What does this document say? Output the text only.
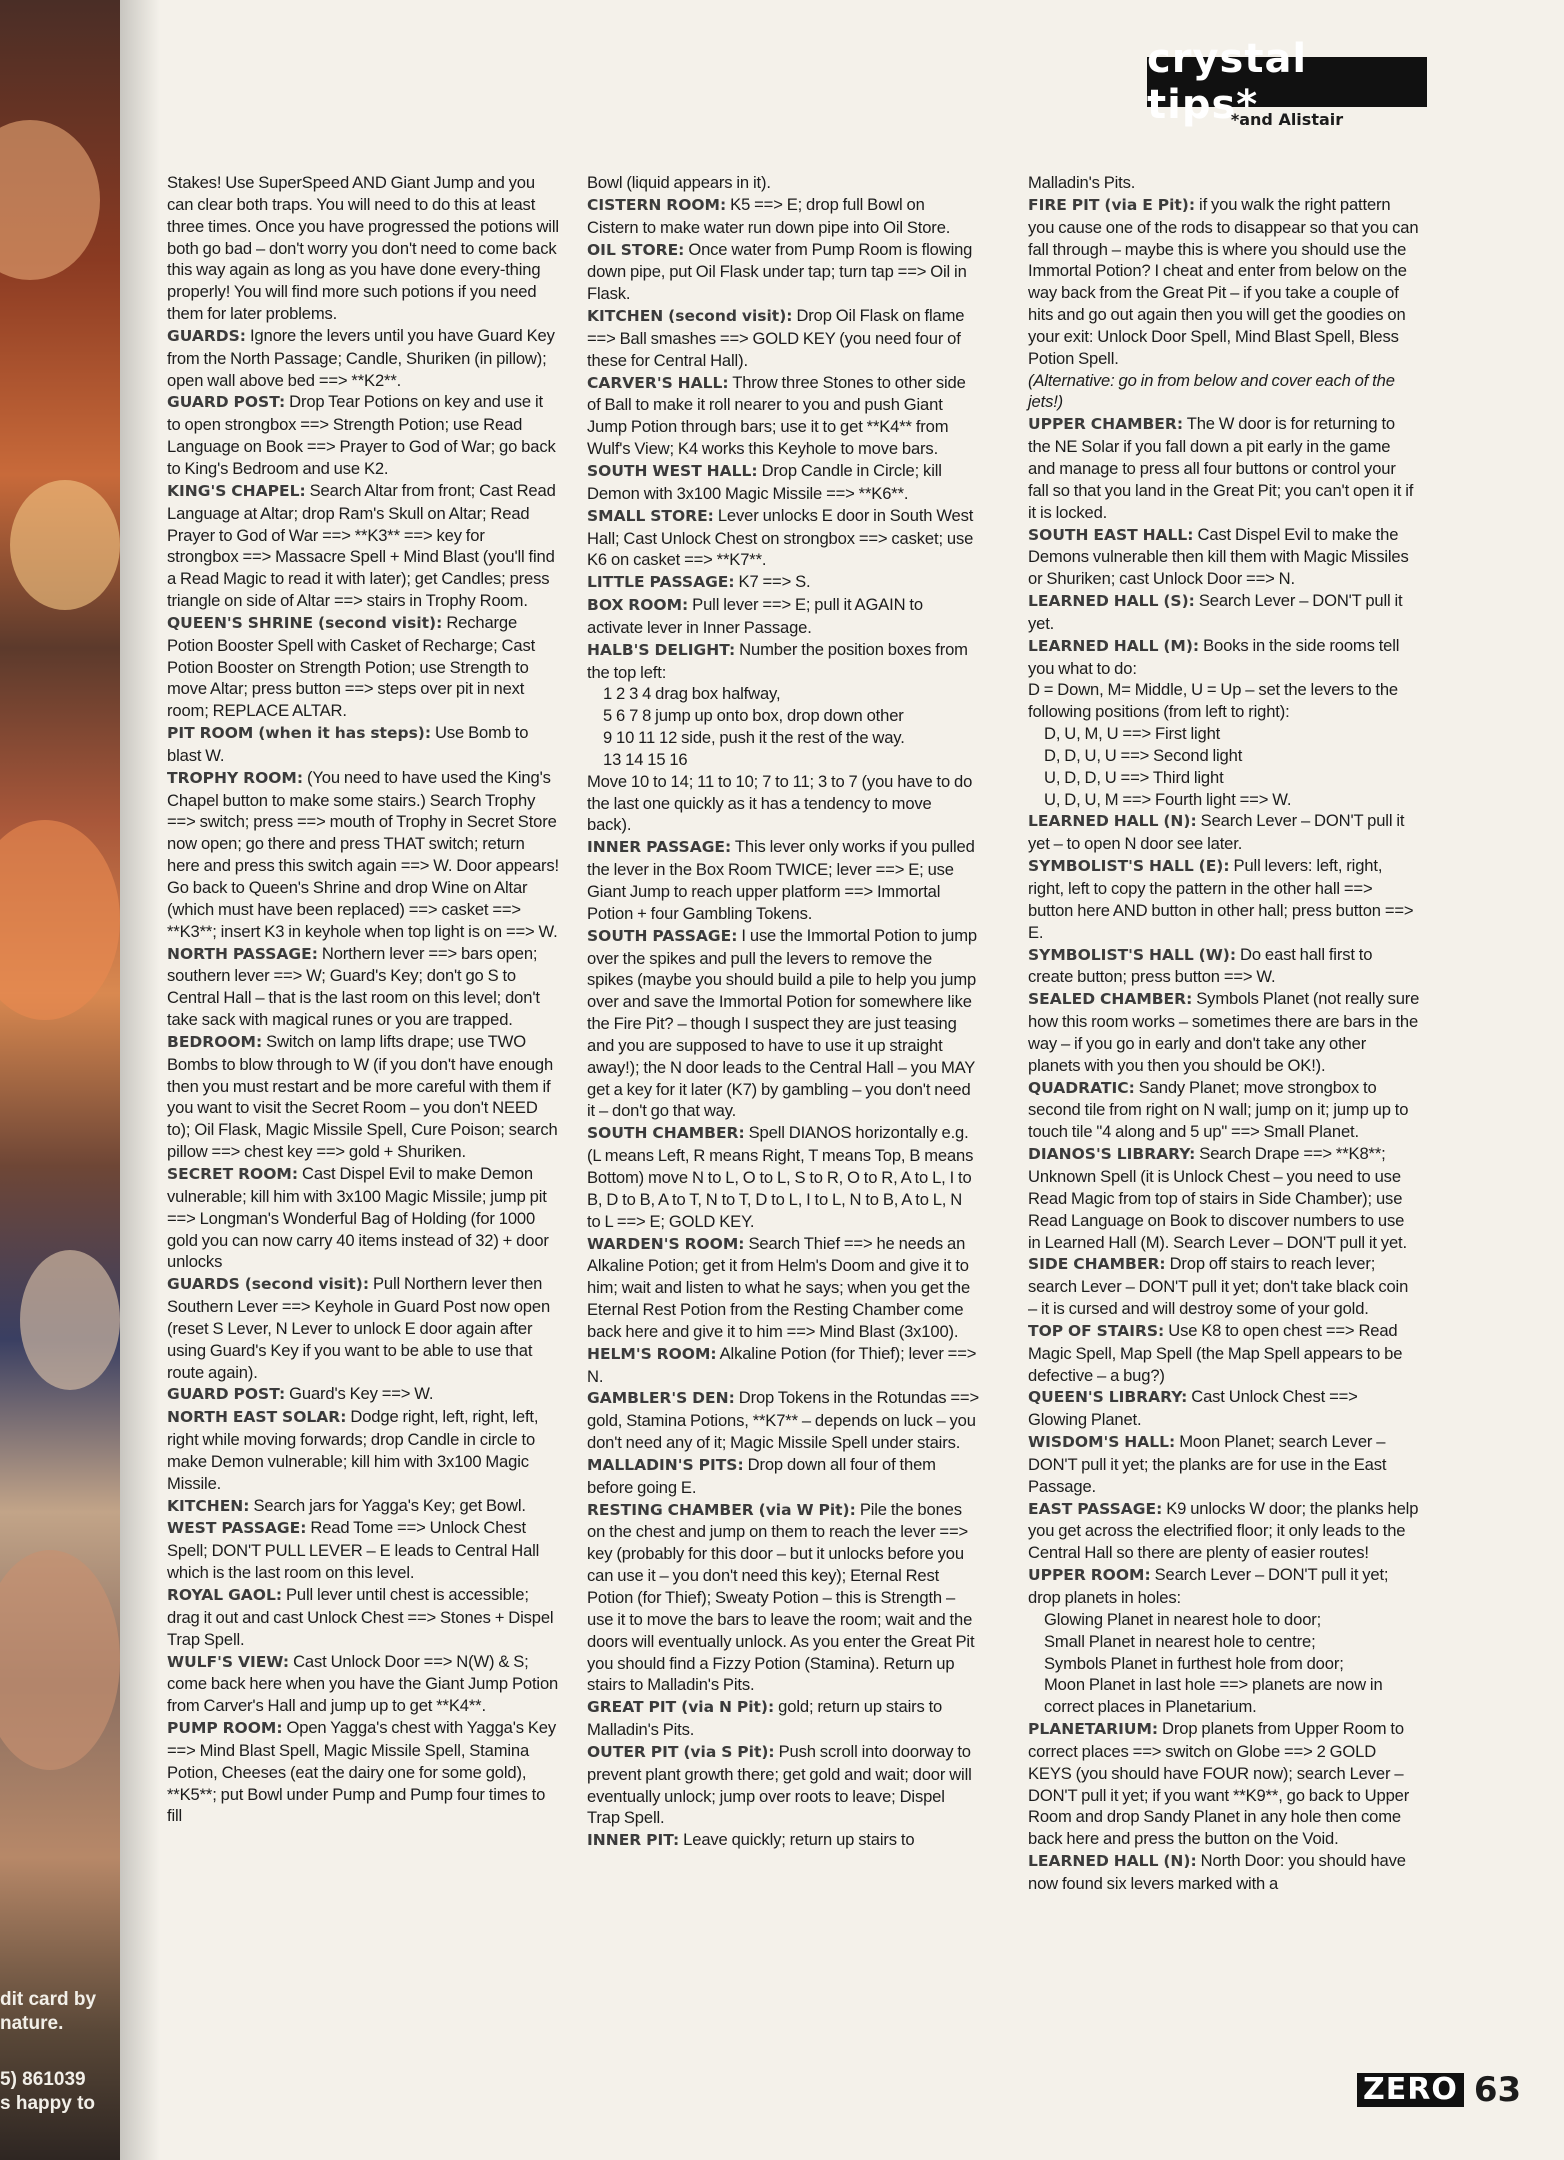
dit card by
nature.
5) 861039
s happy to
crystal tips*
*and Alistair

Stakes! Use SuperSpeed AND Giant Jump and you can clear both traps. You will need to do this at least three times. Once you have progressed the potions will both go bad – don't worry you don't need to come back this way again as long as you have done every-thing properly! You will find more such potions if you need them for later problems.

GUARDS: Ignore the levers until you have Guard Key from the North Passage; Candle, Shuriken (in pillow); open wall above bed ==> **K2**.

GUARD POST: Drop Tear Potions on key and use it to open strongbox ==> Strength Potion; use Read Language on Book ==> Prayer to God of War; go back to King's Bedroom and use K2.

KING'S CHAPEL: Search Altar from front; Cast Read Language at Altar; drop Ram's Skull on Altar; Read Prayer to God of War ==> **K3** ==> key for strongbox ==> Massacre Spell + Mind Blast (you'll find a Read Magic to read it with later); get Candles; press triangle on side of Altar ==> stairs in Trophy Room.

QUEEN'S SHRINE (second visit): Recharge Potion Booster Spell with Casket of Recharge; Cast Potion Booster on Strength Potion; use Strength to move Altar; press button ==> steps over pit in next room; REPLACE ALTAR.

PIT ROOM (when it has steps): Use Bomb to blast W.

TROPHY ROOM: (You need to have used the King's Chapel button to make some stairs.) Search Trophy ==> switch; press ==> mouth of Trophy in Secret Store now open; go there and press THAT switch; return here and press this switch again ==> W. Door appears! Go back to Queen's Shrine and drop Wine on Altar (which must have been replaced) ==> casket ==> **K3**; insert K3 in keyhole when top light is on ==> W.

NORTH PASSAGE: Northern lever ==> bars open; southern lever ==> W; Guard's Key; don't go S to Central Hall – that is the last room on this level; don't take sack with magical runes or you are trapped.

BEDROOM: Switch on lamp lifts drape; use TWO Bombs to blow through to W (if you don't have enough then you must restart and be more careful with them if you want to visit the Secret Room – you don't NEED to); Oil Flask, Magic Missile Spell, Cure Poison; search pillow ==> chest key ==> gold + Shuriken.

SECRET ROOM: Cast Dispel Evil to make Demon vulnerable; kill him with 3x100 Magic Missile; jump pit ==> Longman's Wonderful Bag of Holding (for 1000 gold you can now carry 40 items instead of 32) + door unlocks

GUARDS (second visit): Pull Northern lever then Southern Lever ==> Keyhole in Guard Post now open (reset S Lever, N Lever to unlock E door again after using Guard's Key if you want to be able to use that route again).

GUARD POST: Guard's Key ==> W.

NORTH EAST SOLAR: Dodge right, left, right, left, right while moving forwards; drop Candle in circle to make Demon vulnerable; kill him with 3x100 Magic Missile.

KITCHEN: Search jars for Yagga's Key; get Bowl.

WEST PASSAGE: Read Tome ==> Unlock Chest Spell; DON'T PULL LEVER – E leads to Central Hall which is the last room on this level.

ROYAL GAOL: Pull lever until chest is accessible; drag it out and cast Unlock Chest ==> Stones + Dispel Trap Spell.

WULF'S VIEW: Cast Unlock Door ==> N(W) & S; come back here when you have the Giant Jump Potion from Carver's Hall and jump up to get **K4**.

PUMP ROOM: Open Yagga's chest with Yagga's Key ==> Mind Blast Spell, Magic Missile Spell, Stamina Potion, Cheeses (eat the dairy one for some gold), **K5**; put Bowl under Pump and Pump four times to fill

Bowl (liquid appears in it).

CISTERN ROOM: K5 ==> E; drop full Bowl on Cistern to make water run down pipe into Oil Store.

OIL STORE: Once water from Pump Room is flowing down pipe, put Oil Flask under tap; turn tap ==> Oil in Flask.

KITCHEN (second visit): Drop Oil Flask on flame ==> Ball smashes ==> GOLD KEY (you need four of these for Central Hall).

CARVER'S HALL: Throw three Stones to other side of Ball to make it roll nearer to you and push Giant Jump Potion through bars; use it to get **K4** from Wulf's View; K4 works this Keyhole to move bars.

SOUTH WEST HALL: Drop Candle in Circle; kill Demon with 3x100 Magic Missile ==> **K6**.

SMALL STORE: Lever unlocks E door in South West Hall; Cast Unlock Chest on strongbox ==> casket; use K6 on casket ==> **K7**.

LITTLE PASSAGE: K7 ==> S.

BOX ROOM: Pull lever ==> E; pull it AGAIN to activate lever in Inner Passage.

HALB'S DELIGHT: Number the position boxes from the top left:

1 2 3 4 drag box halfway,

5 6 7 8 jump up onto box, drop down other

9 10 11 12 side, push it the rest of the way.

13 14 15 16

Move 10 to 14; 11 to 10; 7 to 11; 3 to 7 (you have to do the last one quickly as it has a tendency to move back).

INNER PASSAGE: This lever only works if you pulled the lever in the Box Room TWICE; lever ==> E; use Giant Jump to reach upper platform ==> Immortal Potion + four Gambling Tokens.

SOUTH PASSAGE: I use the Immortal Potion to jump over the spikes and pull the levers to remove the spikes (maybe you should build a pile to help you jump over and save the Immortal Potion for somewhere like the Fire Pit? – though I suspect they are just teasing and you are supposed to have to use it up straight away!); the N door leads to the Central Hall – you MAY get a key for it later (K7) by gambling – you don't need it – don't go that way.

SOUTH CHAMBER: Spell DIANOS horizontally e.g. (L means Left, R means Right, T means Top, B means Bottom) move N to L, O to L, S to R, O to R, A to L, I to B, D to B, A to T, N to T, D to L, I to L, N to B, A to L, N to L ==> E; GOLD KEY.

WARDEN'S ROOM: Search Thief ==> he needs an Alkaline Potion; get it from Helm's Doom and give it to him; wait and listen to what he says; when you get the Eternal Rest Potion from the Resting Chamber come back here and give it to him ==> Mind Blast (3x100).

HELM'S ROOM: Alkaline Potion (for Thief); lever ==> N.

GAMBLER'S DEN: Drop Tokens in the Rotundas ==> gold, Stamina Potions, **K7** – depends on luck – you don't need any of it; Magic Missile Spell under stairs.

MALLADIN'S PITS: Drop down all four of them before going E.

RESTING CHAMBER (via W Pit): Pile the bones on the chest and jump on them to reach the lever ==> key (probably for this door – but it unlocks before you can use it – you don't need this key); Eternal Rest Potion (for Thief); Sweaty Potion – this is Strength – use it to move the bars to leave the room; wait and the doors will eventually unlock. As you enter the Great Pit you should find a Fizzy Potion (Stamina). Return up stairs to Malladin's Pits.

GREAT PIT (via N Pit): gold; return up stairs to Malladin's Pits.

OUTER PIT (via S Pit): Push scroll into doorway to prevent plant growth there; get gold and wait; door will eventually unlock; jump over roots to leave; Dispel Trap Spell.

INNER PIT: Leave quickly; return up stairs to

Malladin's Pits.

FIRE PIT (via E Pit): if you walk the right pattern you cause one of the rods to disappear so that you can fall through – maybe this is where you should use the Immortal Potion? I cheat and enter from below on the way back from the Great Pit – if you take a couple of hits and go out again then you will get the goodies on your exit: Unlock Door Spell, Mind Blast Spell, Bless Potion Spell.

(Alternative: go in from below and cover each of the jets!)

UPPER CHAMBER: The W door is for returning to the NE Solar if you fall down a pit early in the game and manage to press all four buttons or control your fall so that you land in the Great Pit; you can't open it if it is locked.

SOUTH EAST HALL: Cast Dispel Evil to make the Demons vulnerable then kill them with Magic Missiles or Shuriken; cast Unlock Door ==> N.

LEARNED HALL (S): Search Lever – DON'T pull it yet.

LEARNED HALL (M): Books in the side rooms tell you what to do:

D = Down, M= Middle, U = Up – set the levers to the following positions (from left to right):

D, U, M, U ==> First light

D, D, U, U ==> Second light

U, D, D, U ==> Third light

U, D, U, M ==> Fourth light ==> W.

LEARNED HALL (N): Search Lever – DON'T pull it yet – to open N door see later.

SYMBOLIST'S HALL (E): Pull levers: left, right, right, left to copy the pattern in the other hall ==> button here AND button in other hall; press button ==> E.

SYMBOLIST'S HALL (W): Do east hall first to create button; press button ==> W.

SEALED CHAMBER: Symbols Planet (not really sure how this room works – sometimes there are bars in the way – if you go in early and don't take any other planets with you then you should be OK!).

QUADRATIC: Sandy Planet; move strongbox to second tile from right on N wall; jump on it; jump up to touch tile "4 along and 5 up" ==> Small Planet.

DIANOS'S LIBRARY: Search Drape ==> **K8**; Unknown Spell (it is Unlock Chest – you need to use Read Magic from top of stairs in Side Chamber); use Read Language on Book to discover numbers to use in Learned Hall (M). Search Lever – DON'T pull it yet.

SIDE CHAMBER: Drop off stairs to reach lever; search Lever – DON'T pull it yet; don't take black coin – it is cursed and will destroy some of your gold.

TOP OF STAIRS: Use K8 to open chest ==> Read Magic Spell, Map Spell (the Map Spell appears to be defective – a bug?)

QUEEN'S LIBRARY: Cast Unlock Chest ==> Glowing Planet.

WISDOM'S HALL: Moon Planet; search Lever – DON'T pull it yet; the planks are for use in the East Passage.

EAST PASSAGE: K9 unlocks W door; the planks help you get across the electrified floor; it only leads to the Central Hall so there are plenty of easier routes!

UPPER ROOM: Search Lever – DON'T pull it yet; drop planets in holes:

Glowing Planet in nearest hole to door;

Small Planet in nearest hole to centre;

Symbols Planet in furthest hole from door;

Moon Planet in last hole ==> planets are now in correct places in Planetarium.

PLANETARIUM: Drop planets from Upper Room to correct places ==> switch on Globe ==> 2 GOLD KEYS (you should have FOUR now); search Lever – DON'T pull it yet; if you want **K9**, go back to Upper Room and drop Sandy Planet in any hole then come back here and press the button on the Void.

LEARNED HALL (N): North Door: you should have now found six levers marked with a

ZERO 63
